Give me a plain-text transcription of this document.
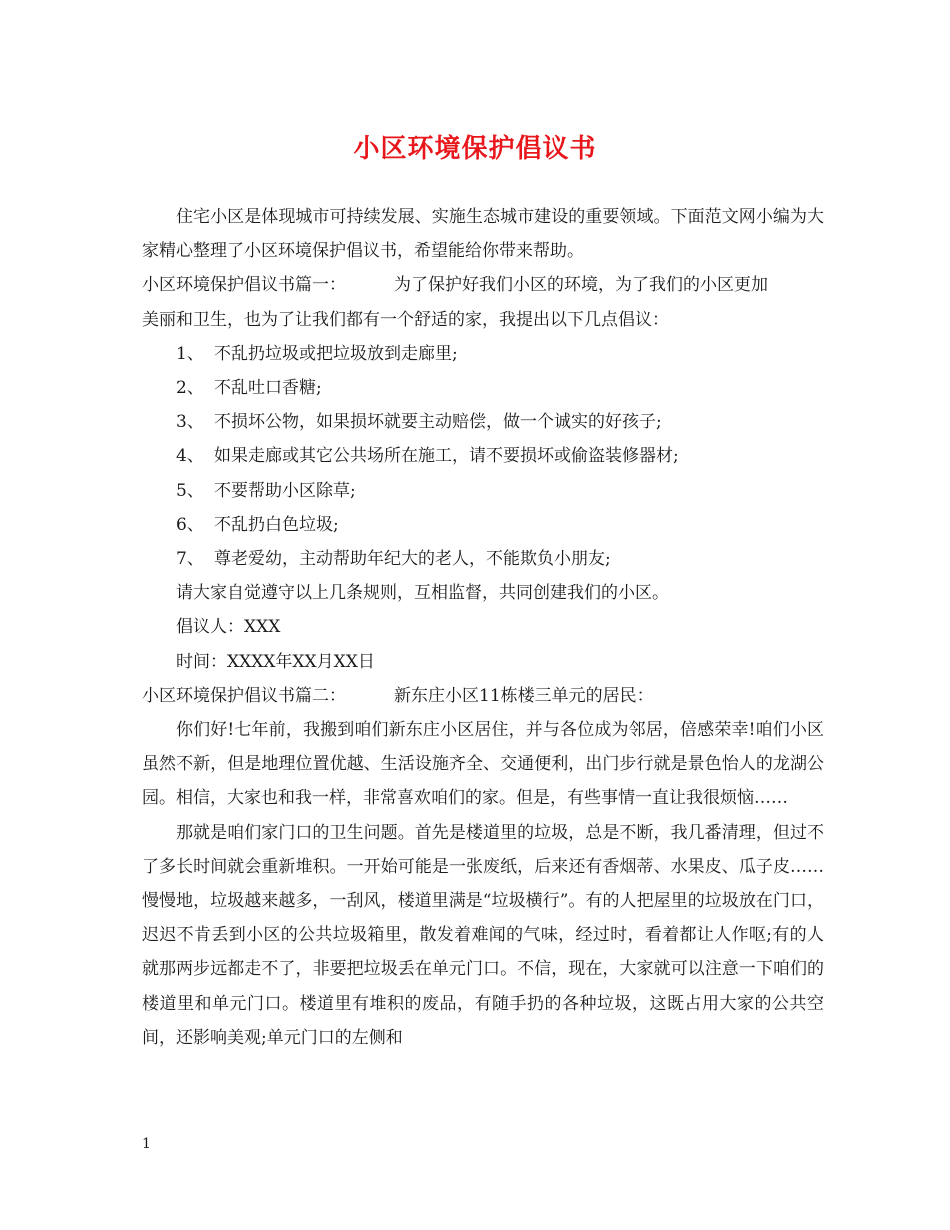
小区环境保护倡议书

住宅小区是体现城市可持续发展、实施生态城市建设的重要领域。下面范文网小编为大家精心整理了小区环境保护倡议书，希望能给你带来帮助。

小区环境保护倡议书篇一：	为了保护好我们小区的环境，为了我们的小区更加

美丽和卫生，也为了让我们都有一个舒适的家，我提出以下几点倡议：

1、 不乱扔垃圾或把垃圾放到走廊里;

2、 不乱吐口香糖;

3、 不损坏公物，如果损坏就要主动赔偿，做一个诚实的好孩子;

4、 如果走廊或其它公共场所在施工，请不要损坏或偷盗装修器材;

5、 不要帮助小区除草;

6、 不乱扔白色垃圾;

7、 尊老爱幼，主动帮助年纪大的老人，不能欺负小朋友;

请大家自觉遵守以上几条规则，互相监督，共同创建我们的小区。

倡议人：XXX

时间：XXXX年XX月XX日

小区环境保护倡议书篇二：	新东庄小区11栋楼三单元的居民：

你们好!七年前，我搬到咱们新东庄小区居住，并与各位成为邻居，倍感荣幸!咱们小区虽然不新，但是地理位置优越、生活设施齐全、交通便利，出门步行就是景色怡人的龙湖公园。相信，大家也和我一样，非常喜欢咱们的家。但是，有些事情一直让我很烦恼……

那就是咱们家门口的卫生问题。首先是楼道里的垃圾，总是不断，我几番清理，但过不了多长时间就会重新堆积。一开始可能是一张废纸，后来还有香烟蒂、水果皮、瓜子皮……慢慢地，垃圾越来越多，一刮风，楼道里满是“垃圾横行”。有的人把屋里的垃圾放在门口，迟迟不肯丢到小区的公共垃圾箱里，散发着难闻的气味，经过时，看着都让人作呕;有的人就那两步远都走不了，非要把垃圾丢在单元门口。不信，现在，大家就可以注意一下咱们的楼道里和单元门口。楼道里有堆积的废品，有随手扔的各种垃圾，这既占用大家的公共空间，还影响美观;单元门口的左侧和

1
